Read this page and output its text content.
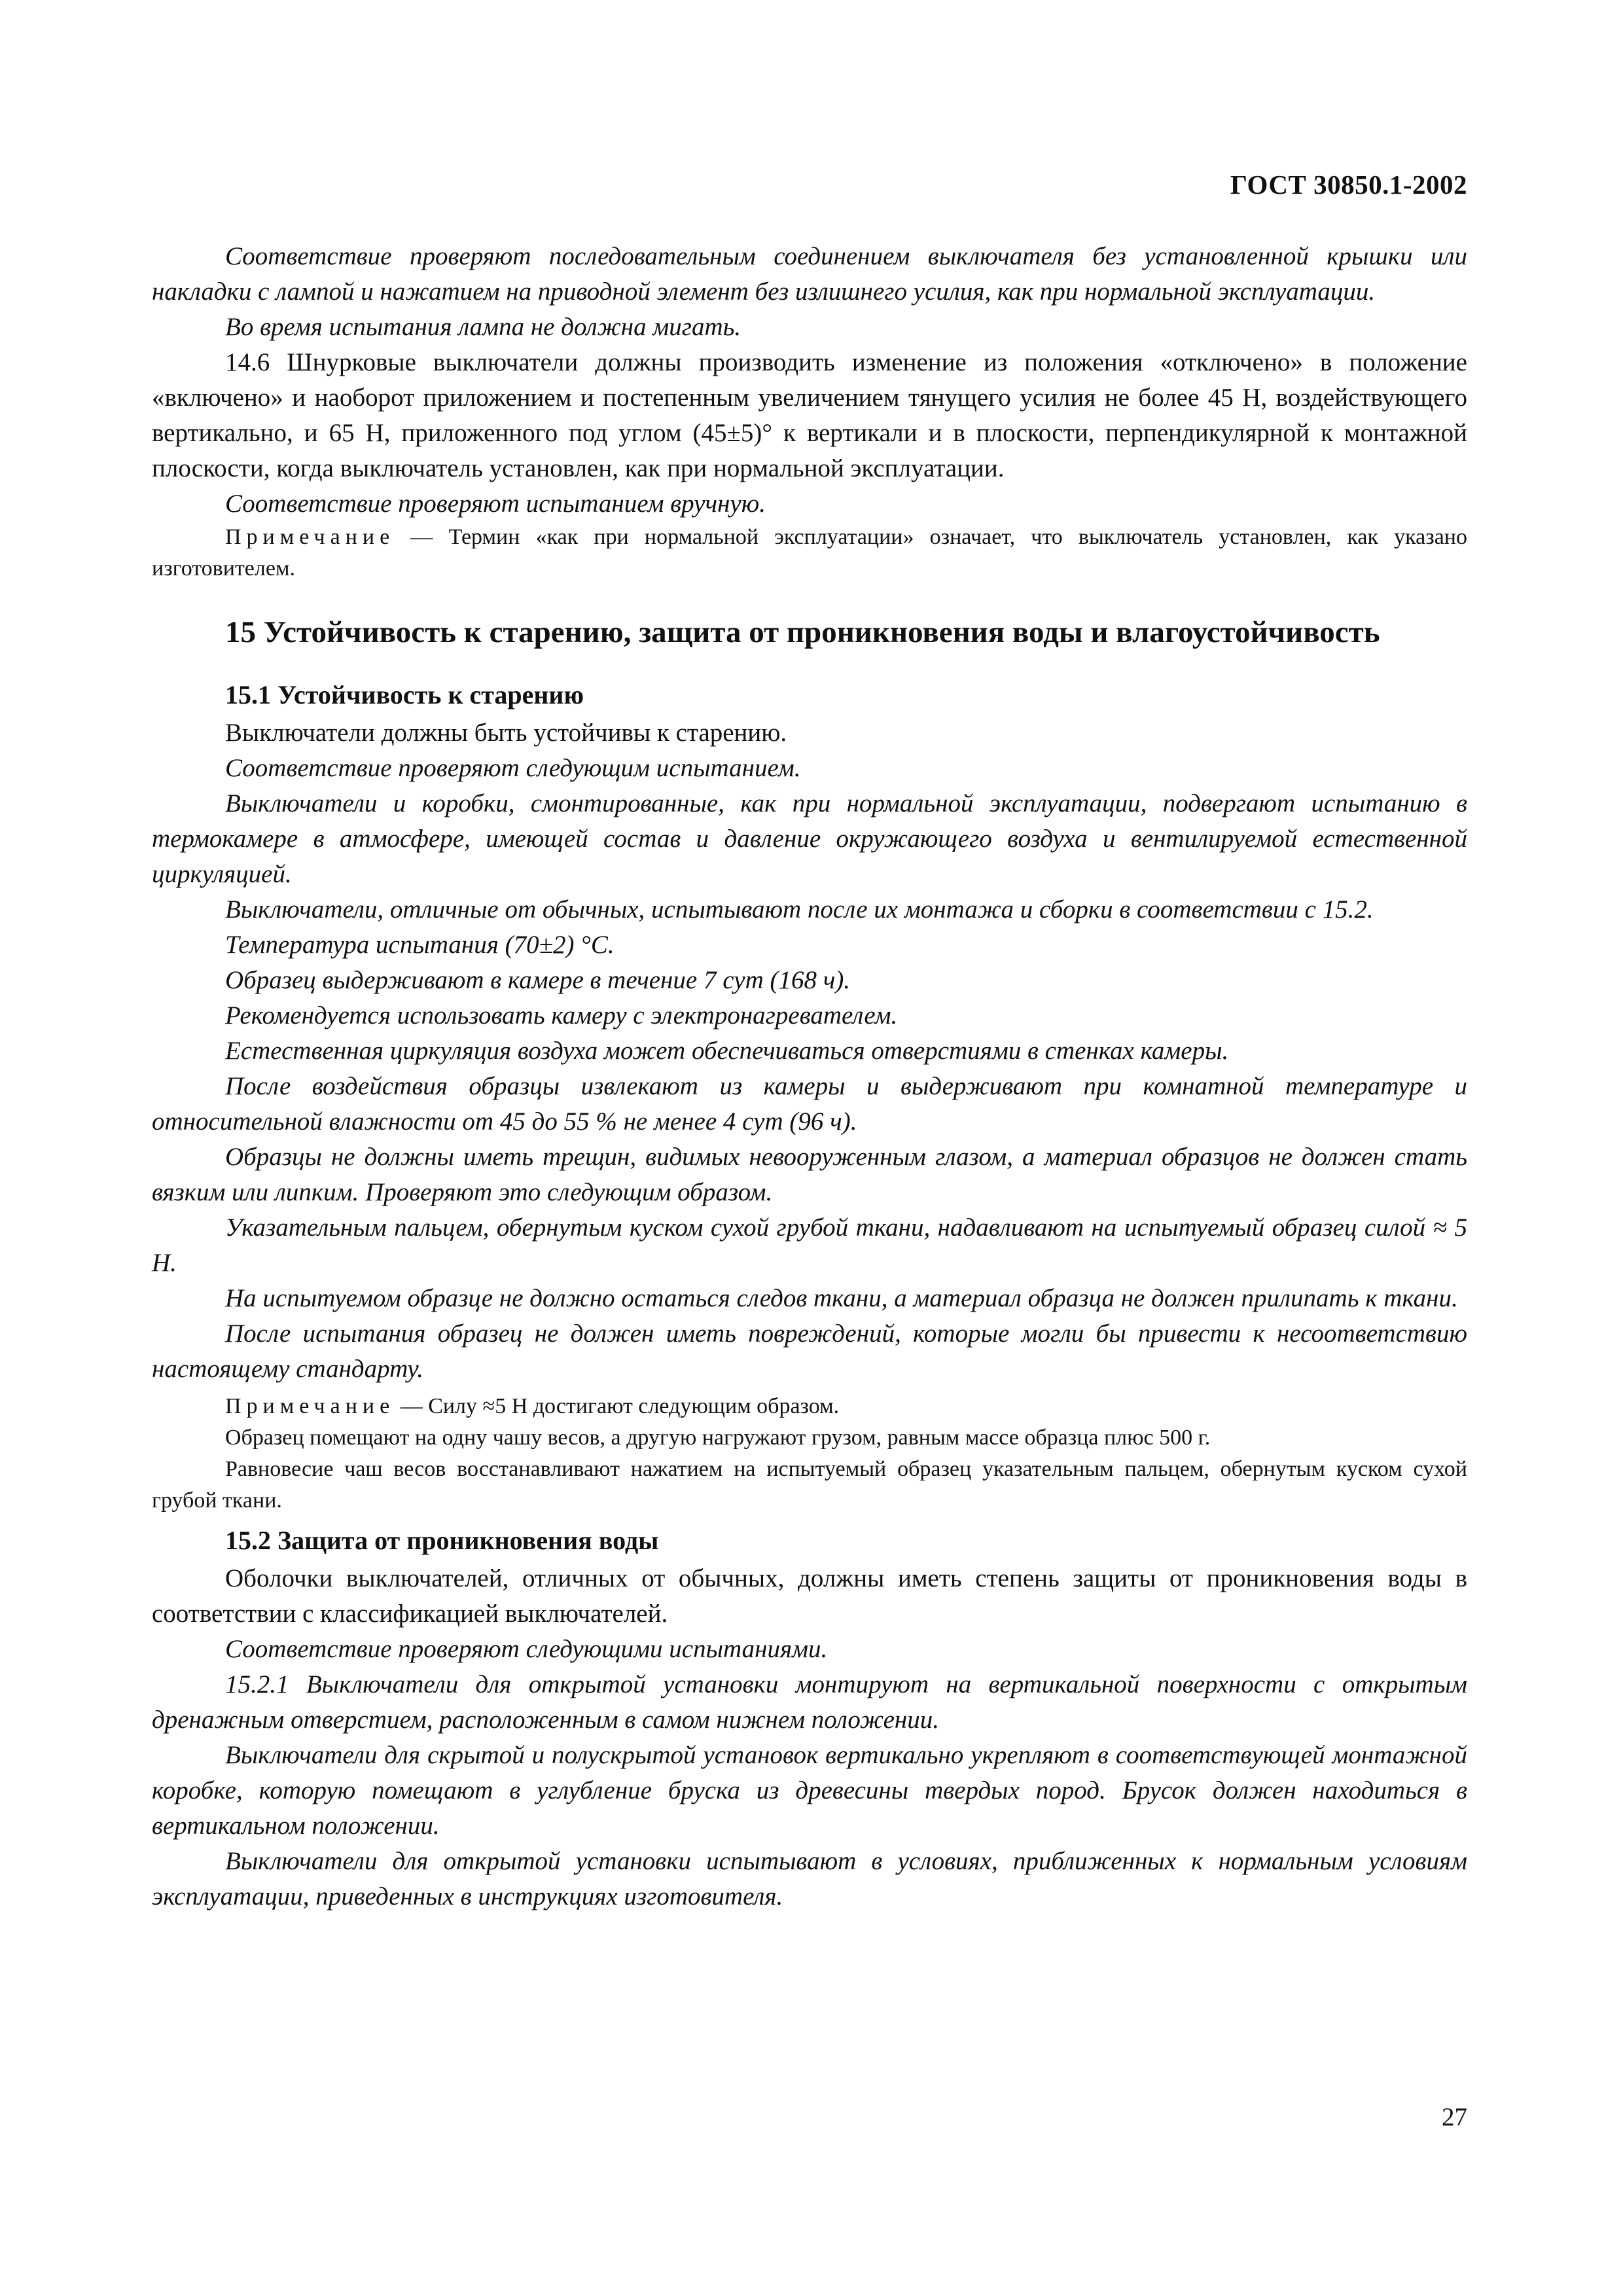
ГОСТ 30850.1-2002

Соответствие проверяют последовательным соединением выключателя без установленной крышки или накладки с лампой и нажатием на приводной элемент без излишнего усилия, как при нормальной эксплуатации.

Во время испытания лампа не должна мигать.

14.6 Шнурковые выключатели должны производить изменение из положения «отключено» в положение «включено» и наоборот приложением и постепенным увеличением тянущего усилия не более 45 Н, воздействующего вертикально, и 65 Н, приложенного под углом (45±5)° к вертикали и в плоскости, перпендикулярной к монтажной плоскости, когда выключатель установлен, как при нормальной эксплуатации.

Соответствие проверяют испытанием вручную.

Примечание — Термин «как при нормальной эксплуатации» означает, что выключатель установлен, как указано изготовителем.

15 Устойчивость к старению, защита от проникновения воды и влагоустойчивость
15.1 Устойчивость к старению

Выключатели должны быть устойчивы к старению.

Соответствие проверяют следующим испытанием.

Выключатели и коробки, смонтированные, как при нормальной эксплуатации, подвергают испытанию в термокамере в атмосфере, имеющей состав и давление окружающего воздуха и вентилируемой естественной циркуляцией.

Выключатели, отличные от обычных, испытывают после их монтажа и сборки в соответствии с 15.2.

Температура испытания (70±2) °С.

Образец выдерживают в камере в течение 7 сут (168 ч).

Рекомендуется использовать камеру с электронагревателем.

Естественная циркуляция воздуха может обеспечиваться отверстиями в стенках камеры.

После воздействия образцы извлекают из камеры и выдерживают при комнатной температуре и относительной влажности от 45 до 55 % не менее 4 сут (96 ч).

Образцы не должны иметь трещин, видимых невооруженным глазом, а материал образцов не должен стать вязким или липким. Проверяют это следующим образом.

Указательным пальцем, обернутым куском сухой грубой ткани, надавливают на испытуемый образец силой ≈ 5 Н.

На испытуемом образце не должно остаться следов ткани, а материал образца не должен прилипать к ткани.

После испытания образец не должен иметь повреждений, которые могли бы привести к несоответствию настоящему стандарту.

Примечание — Силу ≈5 Н достигают следующим образом.

Образец помещают на одну чашу весов, а другую нагружают грузом, равным массе образца плюс 500 г.

Равновесие чаш весов восстанавливают нажатием на испытуемый образец указательным пальцем, обернутым куском сухой грубой ткани.

15.2 Защита от проникновения воды

Оболочки выключателей, отличных от обычных, должны иметь степень защиты от проникновения воды в соответствии с классификацией выключателей.

Соответствие проверяют следующими испытаниями.

15.2.1 Выключатели для открытой установки монтируют на вертикальной поверхности с открытым дренажным отверстием, расположенным в самом нижнем положении.

Выключатели для скрытой и полускрытой установок вертикально укрепляют в соответствующей монтажной коробке, которую помещают в углубление бруска из древесины твердых пород. Брусок должен находиться в вертикальном положении.

Выключатели для открытой установки испытывают в условиях, приближенных к нормальным условиям эксплуатации, приведенных в инструкциях изготовителя.

27
